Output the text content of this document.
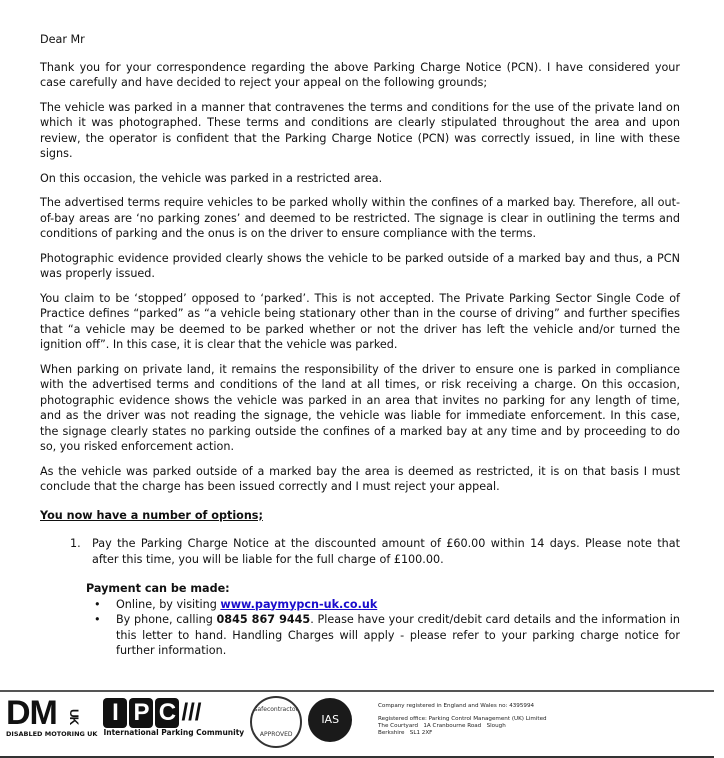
Dear Mr

Thank you for your correspondence regarding the above Parking Charge Notice (PCN). I have considered your case carefully and have decided to reject your appeal on the following grounds;

The vehicle was parked in a manner that contravenes the terms and conditions for the use of the private land on which it was photographed. These terms and conditions are clearly stipulated throughout the area and upon review, the operator is confident that the Parking Charge Notice (PCN) was correctly issued, in line with these signs.

On this occasion, the vehicle was parked in a restricted area.

The advertised terms require vehicles to be parked wholly within the confines of a marked bay. Therefore, all out-of-bay areas are ‘no parking zones’ and deemed to be restricted. The signage is clear in outlining the terms and conditions of parking and the onus is on the driver to ensure compliance with the terms.

Photographic evidence provided clearly shows the vehicle to be parked outside of a marked bay and thus, a PCN was properly issued.

You claim to be ‘stopped’ opposed to ‘parked’. This is not accepted. The Private Parking Sector Single Code of Practice defines “parked” as “a vehicle being stationary other than in the course of driving” and further specifies that “a vehicle may be deemed to be parked whether or not the driver has left the vehicle and/or turned the ignition off”. In this case, it is clear that the vehicle was parked.

When parking on private land, it remains the responsibility of the driver to ensure one is parked in compliance with the advertised terms and conditions of the land at all times, or risk receiving a charge. On this occasion, photographic evidence shows the vehicle was parked in an area that invites no parking for any length of time, and as the driver was not reading the signage, the vehicle was liable for immediate enforcement. In this case, the signage clearly states no parking outside the confines of a marked bay at any time and by proceeding to do so, you risked enforcement action.

As the vehicle was parked outside of a marked bay the area is deemed as restricted, it is on that basis I must conclude that the charge has been issued correctly and I must reject your appeal.

You now have a number of options;
1.	Pay the Parking Charge Notice at the discounted amount of £60.00 within 14 days. Please note that after this time, you will be liable for the full charge of £100.00.
Payment can be made:
• Online, by visiting www.paymypcn-uk.co.uk
• By phone, calling 0845 867 9445. Please have your credit/debit card details and the information in this letter to hand. Handling Charges will apply - please refer to your parking charge notice for further information.
DM UK
DISABLED MOTORING UK
I P C ///
International Parking Community
safecontractor
APPROVED
IAS
Company registered in England and Wales no: 4395994
Registered office: Parking Control Management (UK) Limited
The Courtyard   1A Cranbourne Road   Slough
Berkshire   SL1 2XF
